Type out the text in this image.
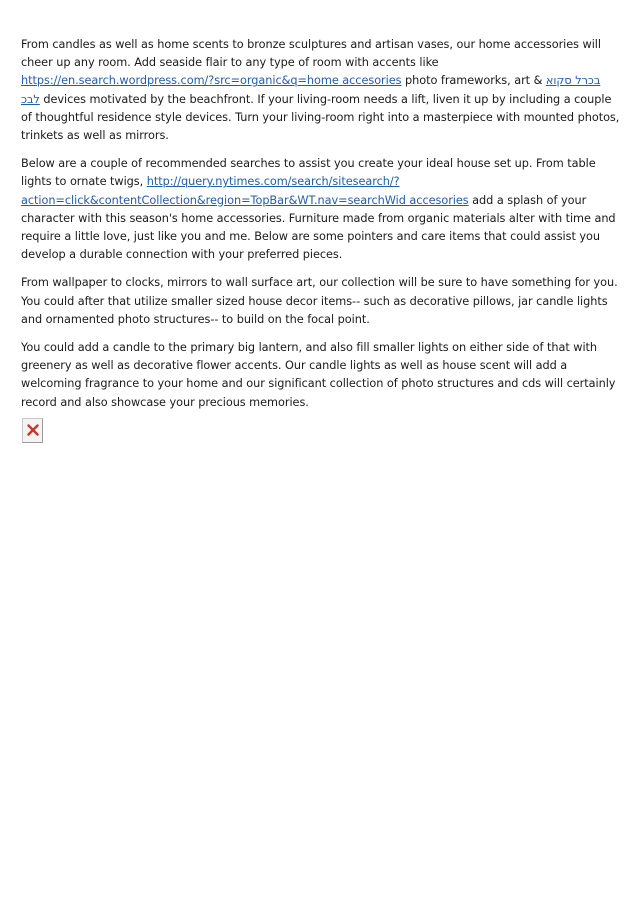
From candles as well as home scents to bronze sculptures and artisan vases, our home accessories will cheer up any room. Add seaside flair to any type of room with accents like https://en.search.wordpress.com/?src=organic&q=home accesories photo frameworks, art & בכרל סקוא לבכ devices motivated by the beachfront. If your living-room needs a lift, liven it up by including a couple of thoughtful residence style devices. Turn your living-room right into a masterpiece with mounted photos, trinkets as well as mirrors.

Below are a couple of recommended searches to assist you create your ideal house set up. From table lights to ornate twigs, http://query.nytimes.com/search/sitesearch/?action=click&contentCollection&region=TopBar&WT.nav=searchWid accesories add a splash of your character with this season's home accessories. Furniture made from organic materials alter with time and require a little love, just like you and me. Below are some pointers and care items that could assist you develop a durable connection with your preferred pieces.

From wallpaper to clocks, mirrors to wall surface art, our collection will be sure to have something for you. You could after that utilize smaller sized house decor items-- such as decorative pillows, jar candle lights and ornamented photo structures-- to build on the focal point.

You could add a candle to the primary big lantern, and also fill smaller lights on either side of that with greenery as well as decorative flower accents. Our candle lights as well as house scent will add a welcoming fragrance to your home and our significant collection of photo structures and cds will certainly record and also showcase your precious memories.
